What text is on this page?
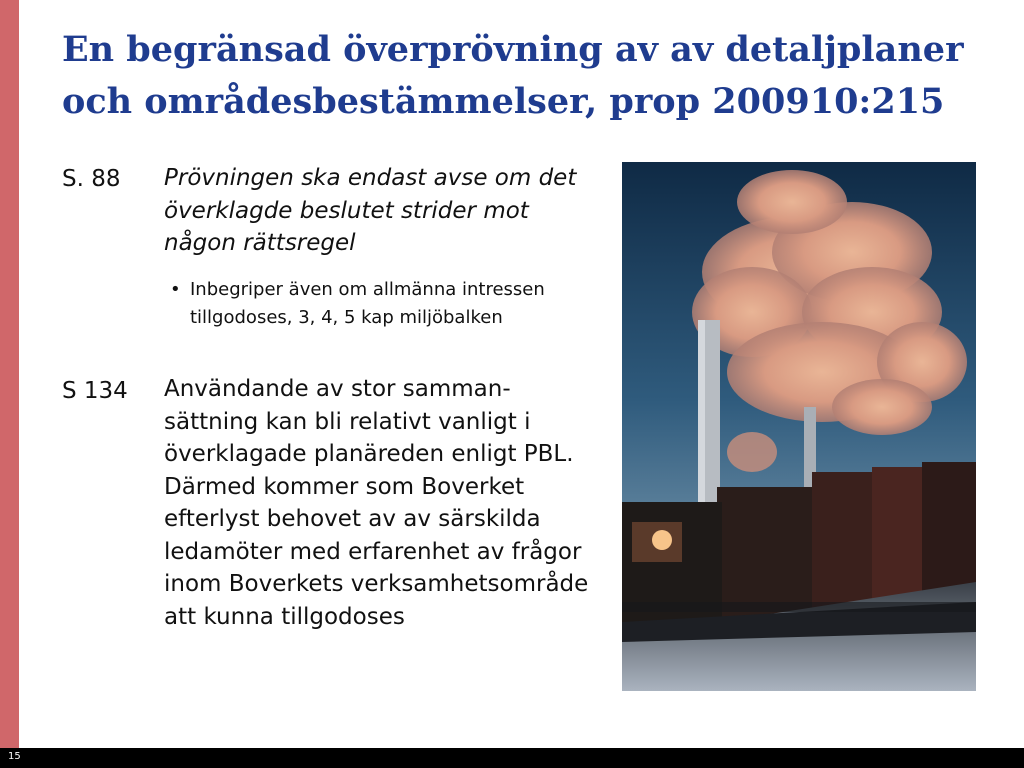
En begränsad överprövning av av detaljplaner och områdesbestämmelser, prop 200910:215
S. 88 Prövningen ska endast avse om det överklagde beslutet strider mot någon rättsregel

• Inbegriper även om allmänna intressen tillgodoses, 3, 4, 5 kap miljöbalken
S 134 Användande av stor samman-sättning kan bli relativt vanligt i överklagade planäreden enligt PBL. Därmed kommer som Boverket efterlyst behovet av av särskilda ledamöter med erfarenhet av frågor inom Boverkets verksamhetsområde att kunna tillgodoses

15
